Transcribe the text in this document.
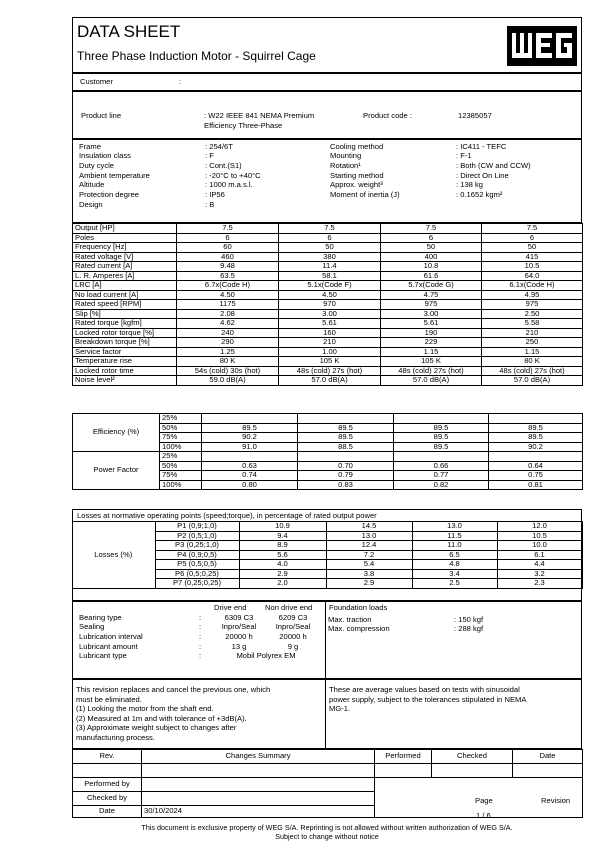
DATA SHEET
Three Phase Induction Motor - Squirrel Cage
Customer	:
Product line	: W22 IEEE 841 NEMA Premium
Efficiency Three-Phase
Product code :	12385057
Frame	: 254/6T
Insulation class	: F
Duty cycle	: Cont.(S1)
Ambient temperature	: -20°C to +40°C
Altitude	: 1000 m.a.s.l.
Protection degree	: IP56
Design	: B
Cooling method	: IC411 - TEFC
Mounting	: F-1
Rotation¹	: Both (CW and CCW)
Starting method	: Direct On Line
Approx. weight³	: 138 kg
Moment of inertia (J)	: 0.1652 kgm²
Output [HP]	7.5	7.5	7.5	7.5
Poles	6	6	6	6
Frequency [Hz]	60	50	50	50
Rated voltage [V]	460	380	400	415
Rated current [A]	9.48	11.4	10.8	10.5
L. R. Amperes [A]	63.5	58.1	61.6	64.0
LRC [A]	6.7x(Code H)	5.1x(Code F)	5.7x(Code G)	6.1x(Code H)
No load current [A]	4.50	4.50	4.75	4.95
Rated speed [RPM]	1175	970	975	975
Slip [%]	2.08	3.00	3.00	2.50
Rated torque [kgfm]	4.62	5.61	5.61	5.58
Locked rotor torque [%]	240	160	190	210
Breakdown torque [%]	290	210	229	250
Service factor	1.25	1.00	1.15	1.15
Temperature rise	80 K	105 K	105 K	80 K
Locked rotor time	54s (cold) 30s (hot)	48s (cold) 27s (hot)	48s (cold) 27s (hot)	48s (cold) 27s (hot)
Noise level²	59.0 dB(A)	57.0 dB(A)	57.0 dB(A)	57.0 dB(A)
Efficiency (%)	25%				
	50%	89.5	89.5	89.5	89.5
	75%	90.2	89.5	89.5	89.5
	100%	91.0	88.5	89.5	90.2
Power Factor	25%				
	50%	0.63	0.70	0.66	0.64
	75%	0.74	0.79	0.77	0.75
	100%	0.80	0.83	0.82	0.81
Losses at normative operating points (speed;torque), in percentage of rated output power
Losses (%)	P1 (0,9;1,0)	10.9	14.5	13.0	12.0
	P2 (0,5;1,0)	9.4	13.0	11.5	10.5
	P3 (0,25;1,0)	8.9	12.4	11.0	10.0
	P4 (0,9;0,5)	5.6	7.2	6.5	6.1
	P5 (0,5;0,5)	4.0	5.4	4.8	4.4
	P6 (0,5;0,25)	2.9	3.8	3.4	3.2
	P7 (0,25;0,25)	2.0	2.9	2.5	2.3
Drive end Non drive end
Bearing type	:	6309 C3	6209 C3
Sealing	:	Inpro/Seal	Inpro/Seal
Lubrication interval	:	20000 h	20000 h
Lubricant amount	:	13 g	9 g
Lubricant type	:	Mobil Polyrex EM	
Foundation loads
Max. traction	: 150 kgf
Max. compression	: 288 kgf
This revision replaces and cancel the previous one, which
must be eliminated.
(1) Looking the motor from the shaft end.
(2) Measured at 1m and with tolerance of +3dB(A).
(3) Approximate weight subject to changes after
manufacturing process.
These are average values based on tests with sinusoidal
power supply, subject to the tolerances stipulated in NEMA
MG-1.
Rev.	Changes Summary	Performed	Checked	Date

Performed by		Page Revision
1 / 6		

Checked by				
Date	30/10/2024			
This document is exclusive property of WEG S/A. Reprinting is not allowed without written authorization of WEG S/A.
Subject to change without notice
